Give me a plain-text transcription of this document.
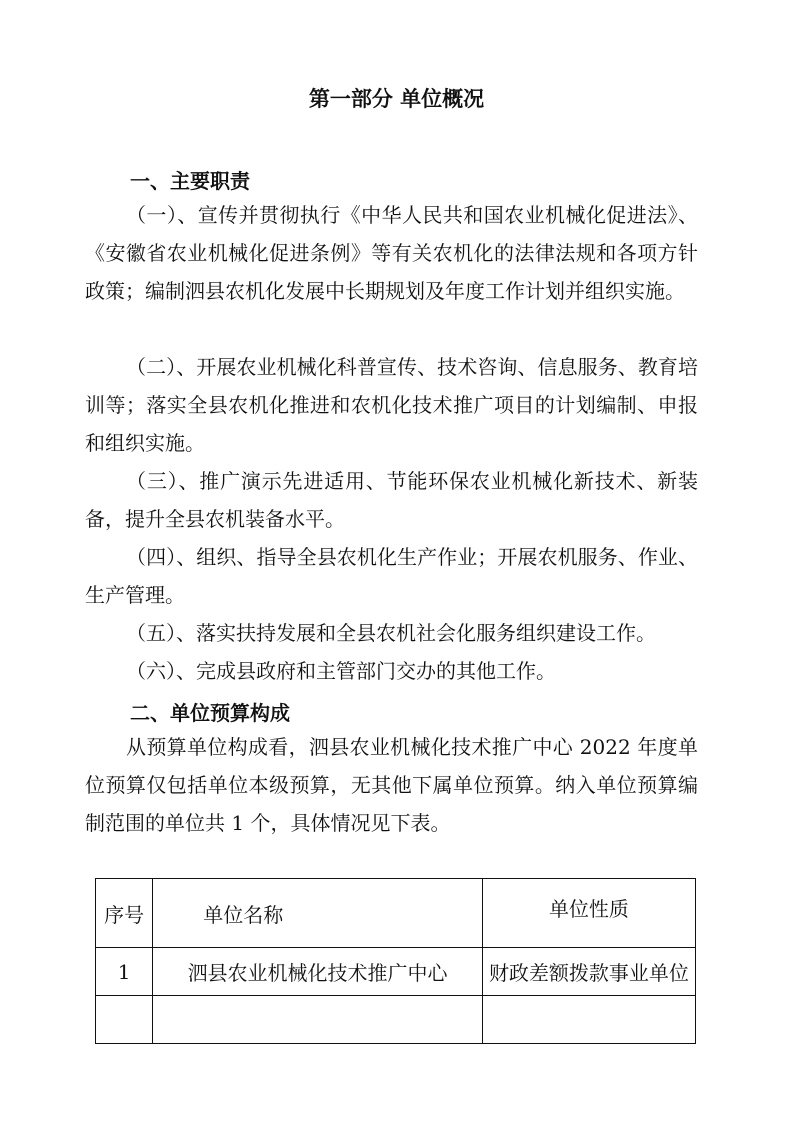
第一部分 单位概况
一、主要职责
（一）、宣传并贯彻执行《中华人民共和国农业机械化促进法》、《安徽省农业机械化促进条例》等有关农机化的法律法规和各项方针政策；编制泗县农机化发展中长期规划及年度工作计划并组织实施。
（二）、开展农业机械化科普宣传、技术咨询、信息服务、教育培训等；落实全县农机化推进和农机化技术推广项目的计划编制、申报和组织实施。
（三）、推广演示先进适用、节能环保农业机械化新技术、新装备，提升全县农机装备水平。
（四）、组织、指导全县农机化生产作业；开展农机服务、作业、生产管理。
（五）、落实扶持发展和全县农机社会化服务组织建设工作。
（六）、完成县政府和主管部门交办的其他工作。
二、单位预算构成
从预算单位构成看，泗县农业机械化技术推广中心 2022 年度单位预算仅包括单位本级预算，无其他下属单位预算。纳入单位预算编制范围的单位共 1 个，具体情况见下表。
序号	单位名称	单位性质
1	泗县农业机械化技术推广中心	财政差额拨款事业单位
